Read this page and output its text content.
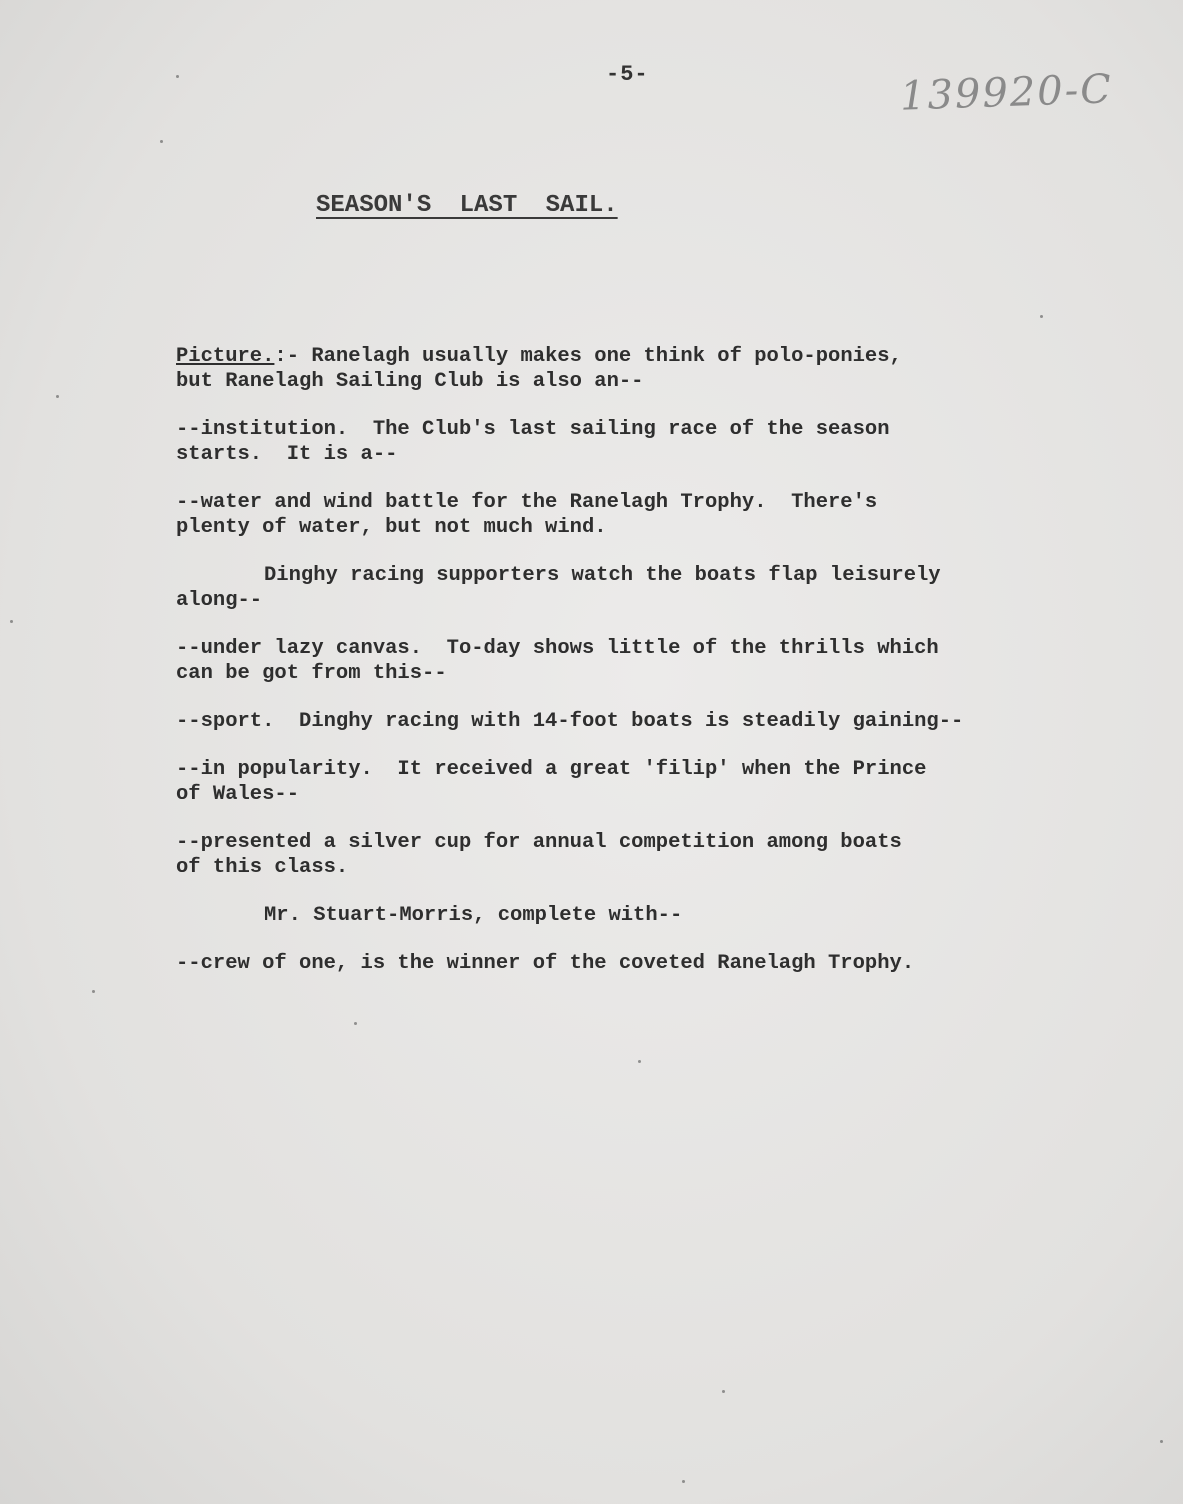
-5-	139920-C
SEASON'S LAST SAIL.
Picture.:- Ranelagh usually makes one think of polo-ponies,
but Ranelagh Sailing Club is also an--
--institution.  The Club's last sailing race of the season
starts.  It is a--
--water and wind battle for the Ranelagh Trophy.  There's
plenty of water, but not much wind.
Dinghy racing supporters watch the boats flap leisurely
along--
--under lazy canvas.  To-day shows little of the thrills which
can be got from this--
--sport.  Dinghy racing with 14-foot boats is steadily gaining--
--in popularity.  It received a great 'filip' when the Prince
of Wales--
--presented a silver cup for annual competition among boats
of this class.
Mr. Stuart-Morris, complete with--
--crew of one, is the winner of the coveted Ranelagh Trophy.
